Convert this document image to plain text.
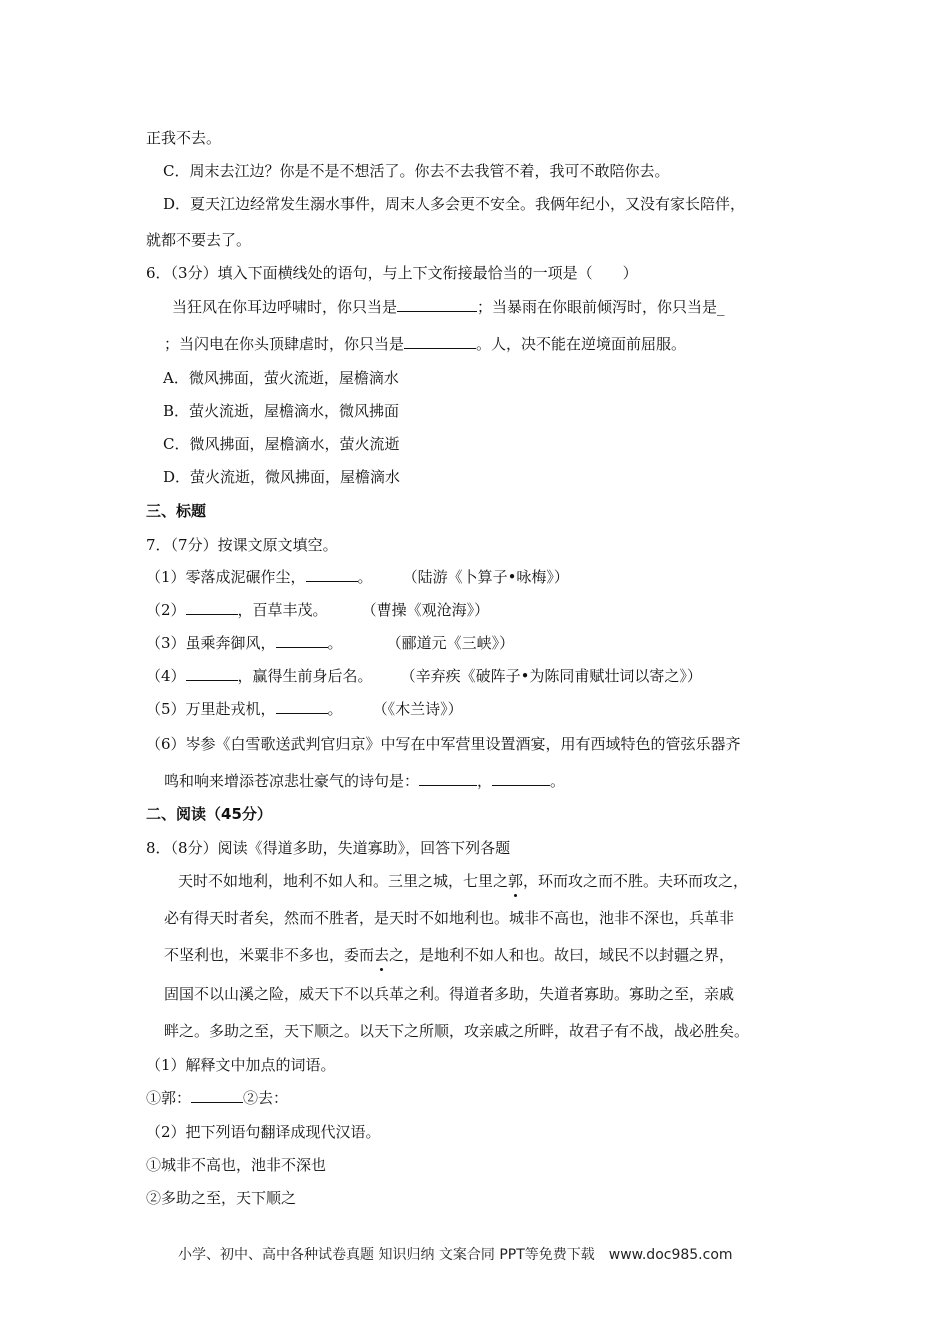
正我不去。
C．周末去江边？你是不是不想活了。你去不去我管不着，我可不敢陪你去。
D．夏天江边经常发生溺水事件，周末人多会更不安全。我俩年纪小，又没有家长陪伴，
就都不要去了。
6．（3分）填入下面横线处的语句，与上下文衔接最恰当的一项是（　　）
当狂风在你耳边呼啸时，你只当是	；当暴雨在你眼前倾泻时，你只当是_
；当闪电在你头顶肆虐时，你只当是	。人，决不能在逆境面前屈服。
A．微风拂面，萤火流逝，屋檐滴水
B．萤火流逝，屋檐滴水，微风拂面
C．微风拂面，屋檐滴水，萤火流逝
D．萤火流逝，微风拂面，屋檐滴水
三、标题
7．（7分）按课文原文填空。
（1）零落成泥碾作尘，	。 （陆游《卜算子•咏梅》）
（2）	，百草丰茂。 （曹操《观沧海》）
（3）虽乘奔御风，	。	（郦道元《三峡》）
（4）	，赢得生前身后名。 （辛弃疾《破阵子•为陈同甫赋壮词以寄之》）
（5）万里赴戎机，	。 （《木兰诗》）
（6）岑参《白雪歌送武判官归京》中写在中军营里设置酒宴，用有西域特色的管弦乐器齐
鸣和响来增添苍凉悲壮豪气的诗句是：	，	。
二、阅读（45分）
8．（8分）阅读《得道多助，失道寡助》，回答下列各题
天时不如地利，地利不如人和。三里之城，七里之郭，环而攻之而不胜。夫环而攻之，
必有得天时者矣，然而不胜者，是天时不如地利也。城非不高也，池非不深也，兵革非
不坚利也，米粟非不多也，委而去之，是地利不如人和也。故曰，域民不以封疆之界，
固国不以山溪之险，威天下不以兵革之利。得道者多助，失道者寡助。寡助之至，亲戚
畔之。多助之至，天下顺之。以天下之所顺，攻亲戚之所畔，故君子有不战，战必胜矣。
（1）解释文中加点的词语。
①郭：	②去：
（2）把下列语句翻译成现代汉语。
①城非不高也，池非不深也
②多助之至，天下顺之
小学、初中、高中各种试卷真题 知识归纳 文案合同 PPT等免费下载　www.doc985.com
